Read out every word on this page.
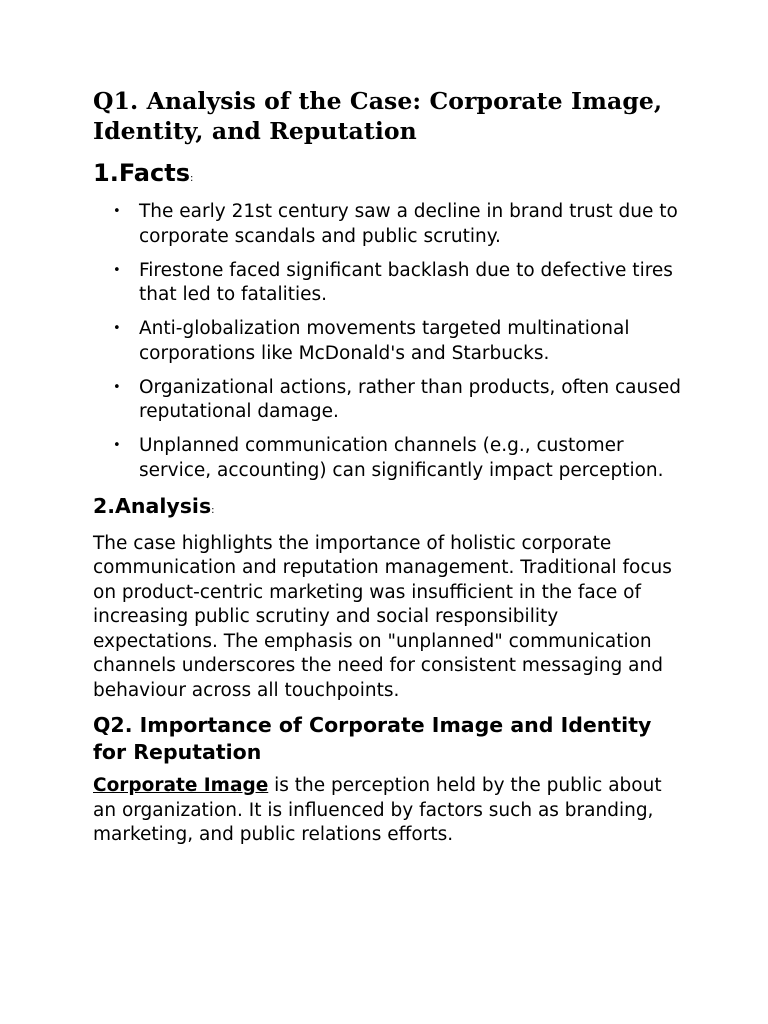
Q1. Analysis of the Case: Corporate Image, Identity, and Reputation
1.Facts:
• The early 21st century saw a decline in brand trust due to corporate scandals and public scrutiny.
• Firestone faced significant backlash due to defective tires that led to fatalities.
• Anti-globalization movements targeted multinational corporations like McDonald's and Starbucks.
• Organizational actions, rather than products, often caused reputational damage.
• Unplanned communication channels (e.g., customer service, accounting) can significantly impact perception.
2.Analysis:

The case highlights the importance of holistic corporate communication and reputation management. Traditional focus on product-centric marketing was insufficient in the face of increasing public scrutiny and social responsibility expectations. The emphasis on "unplanned" communication channels underscores the need for consistent messaging and behaviour across all touchpoints.

Q2. Importance of Corporate Image and Identity for Reputation

Corporate Image is the perception held by the public about an organization. It is influenced by factors such as branding, marketing, and public relations efforts.
